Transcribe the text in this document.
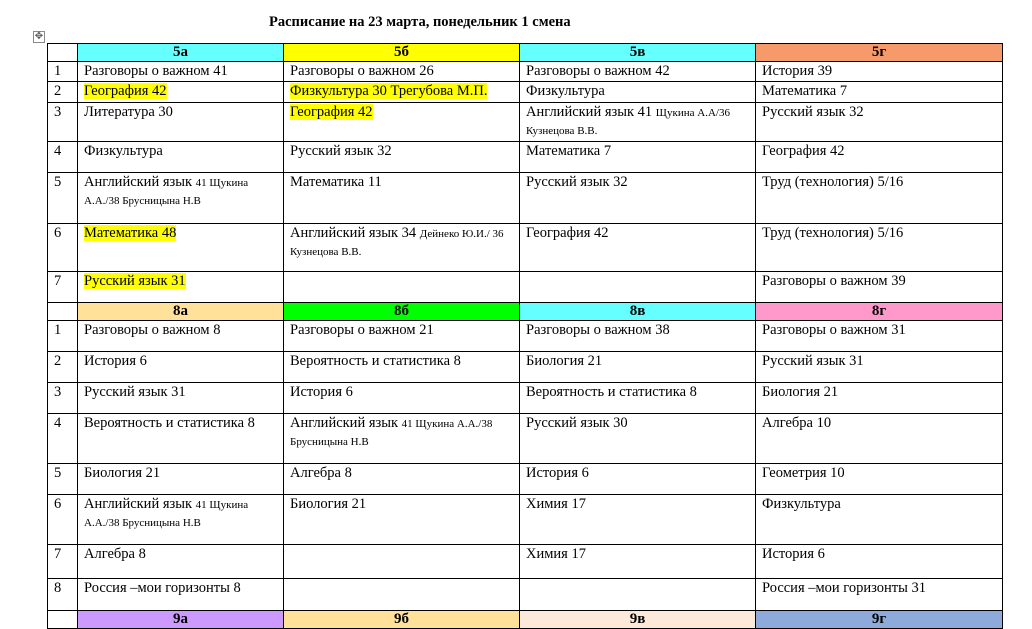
Расписание на 23 марта, понедельник 1 смена
✥
	5а	5б	5в	5г
1	Разговоры о важном 41	Разговоры о важном 26	Разговоры о важном 42	История 39
2	География 42	Физкультура 30 Трегубова М.П.	Физкультура	Математика 7
3	Литература 30	География 42	Английский язык 41 Щукина А.А/36 Кузнецова В.В.	Русский язык 32
4	Физкультура	Русский язык 32	Математика 7	География 42
5	Английский язык 41 Щукина А.А./38 Брусницына Н.В	Математика 11	Русский язык 32	Труд (технология) 5/16
6	Математика 48	Английский язык 34 Дейнеко Ю.И./ 36 Кузнецова В.В.	География 42	Труд (технология) 5/16
7	Русский язык 31			Разговоры о важном 39
	8а	8б	8в	8г
1	Разговоры о важном 8	Разговоры о важном 21	Разговоры о важном 38	Разговоры о важном 31
2	История 6	Вероятность и статистика 8	Биология 21	Русский язык 31
3	Русский язык 31	История 6	Вероятность и статистика 8	Биология 21
4	Вероятность и статистика 8	Английский язык 41 Щукина А.А./38 Брусницына Н.В	Русский язык 30	Алгебра 10
5	Биология 21	Алгебра 8	История 6	Геометрия 10
6	Английский язык 41 Щукина А.А./38 Брусницына Н.В	Биология 21	Химия 17	Физкультура
7	Алгебра 8		Химия 17	История 6
8	Россия –мои горизонты 8			Россия –мои горизонты 31
	9а	9б	9в	9г
